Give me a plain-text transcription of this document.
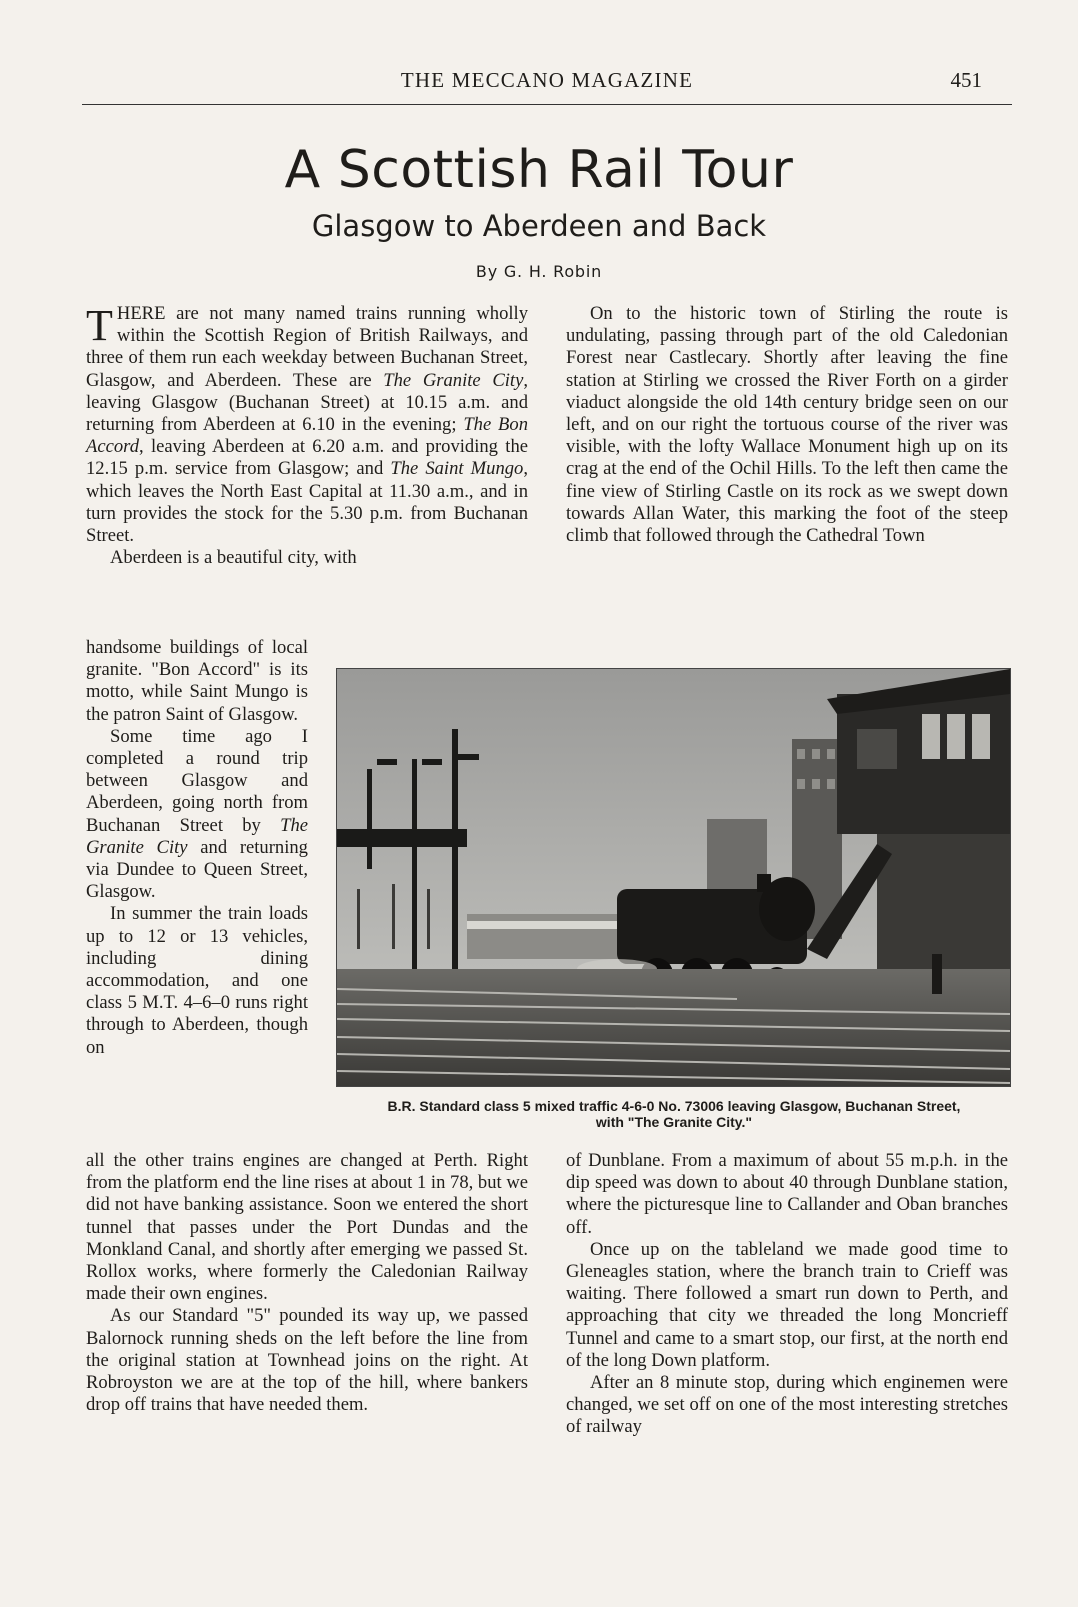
THE MECCANO MAGAZINE	451
A Scottish Rail Tour
Glasgow to Aberdeen and Back
By G. H. Robin

THERE are not many named trains running wholly within the Scottish Region of British Railways, and three of them run each weekday between Buchanan Street, Glasgow, and Aberdeen. These are The Granite City, leaving Glasgow (Buchanan Street) at 10.15 a.m. and returning from Aberdeen at 6.10 in the evening; The Bon Accord, leaving Aberdeen at 6.20 a.m. and providing the 12.15 p.m. service from Glasgow; and The Saint Mungo, which leaves the North East Capital at 11.30 a.m., and in turn provides the stock for the 5.30 p.m. from Buchanan Street.

Aberdeen is a beautiful city, with

handsome buildings of local granite. "Bon Accord" is its motto, while Saint Mungo is the patron Saint of Glasgow.

Some time ago I completed a round trip between Glasgow and Aberdeen, going north from Buchanan Street by The Granite City and returning via Dundee to Queen Street, Glasgow.

In summer the train loads up to 12 or 13 vehicles, including dining accommodation, and one class 5 M.T. 4–6–0 runs right through to Aberdeen, though on

all the other trains engines are changed at Perth. Right from the platform end the line rises at about 1 in 78, but we did not have banking assistance. Soon we entered the short tunnel that passes under the Port Dundas and the Monkland Canal, and shortly after emerging we passed St. Rollox works, where formerly the Caledonian Railway made their own engines.

As our Standard "5" pounded its way up, we passed Balornock running sheds on the left before the line from the original station at Townhead joins on the right. At Robroyston we are at the top of the hill, where bankers drop off trains that have needed them.

On to the historic town of Stirling the route is undulating, passing through part of the old Caledonian Forest near Castlecary. Shortly after leaving the fine station at Stirling we crossed the River Forth on a girder viaduct alongside the old 14th century bridge seen on our left, and on our right the tortuous course of the river was visible, with the lofty Wallace Monument high up on its crag at the end of the Ochil Hills. To the left then came the fine view of Stirling Castle on its rock as we swept down towards Allan Water, this marking the foot of the steep climb that followed through the Cathedral Town

of Dunblane. From a maximum of about 55 m.p.h. in the dip speed was down to about 40 through Dunblane station, where the picturesque line to Callander and Oban branches off.

Once up on the tableland we made good time to Gleneagles station, where the branch train to Crieff was waiting. There followed a smart run down to Perth, and approaching that city we threaded the long Moncrieff Tunnel and came to a smart stop, our first, at the north end of the long Down platform.

After an 8 minute stop, during which enginemen were changed, we set off on one of the most interesting stretches of railway

B.R. Standard class 5 mixed traffic 4-6-0 No. 73006 leaving Glasgow, Buchanan Street,
with "The Granite City."
